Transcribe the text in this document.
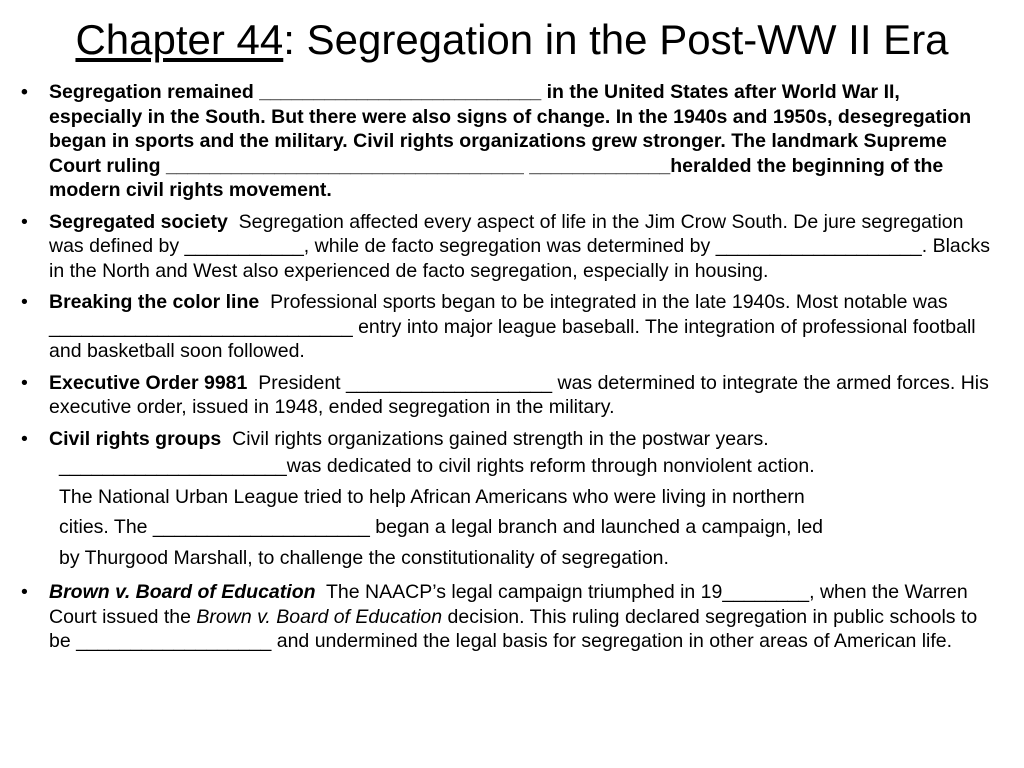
Chapter 44: Segregation in the Post-WW II Era
• Segregation remained __________________________ in the United States after World War II, especially in the South. But there were also signs of change. In the 1940s and 1950s, desegregation began in sports and the military. Civil rights organizations grew stronger. The landmark Supreme Court ruling _________________________________ _____________heralded the beginning of the modern civil rights movement.
• Segregated society Segregation affected every aspect of life in the Jim Crow South. De jure segregation was defined by ___________, while de facto segregation was determined by ___________________. Blacks in the North and West also experienced de facto segregation, especially in housing.
• Breaking the color line Professional sports began to be integrated in the late 1940s. Most notable was ____________________________ entry into major league baseball. The integration of professional football and basketball soon followed.
• Executive Order 9981 President ___________________ was determined to integrate the armed forces. His executive order, issued in 1948, ended segregation in the military.
• Civil rights groups Civil rights organizations gained strength in the postwar years.
_____________________was dedicated to civil rights reform through nonviolent action.
The National Urban League tried to help African Americans who were living in northern
cities. The ____________________ began a legal branch and launched a campaign, led
by Thurgood Marshall, to challenge the constitutionality of segregation.
• Brown v. Board of Education The NAACP’s legal campaign triumphed in 19________, when the Warren Court issued the Brown v. Board of Education decision. This ruling declared segregation in public schools to be __________________ and undermined the legal basis for segregation in other areas of American life.
